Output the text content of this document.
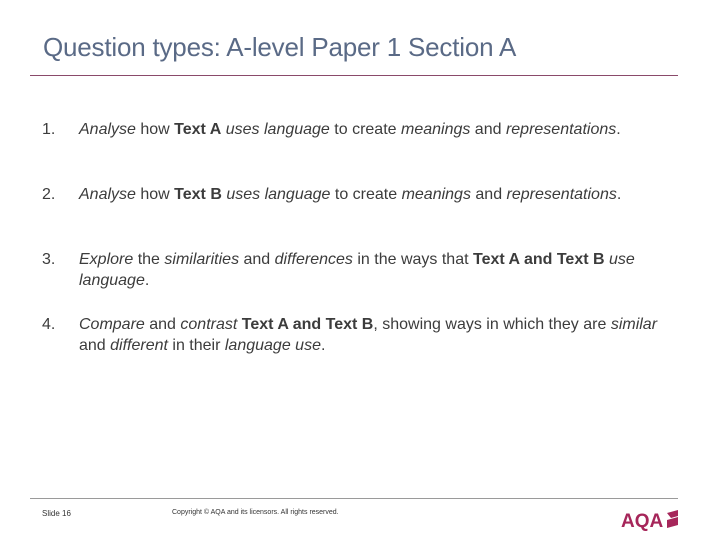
Question types: A-level Paper 1 Section A
1. Analyse how Text A uses language to create meanings and representations.
2. Analyse how Text B uses language to create meanings and representations.
3. Explore the similarities and differences in the ways that Text A and Text B use language.
4. Compare and contrast Text A and Text B, showing ways in which they are similar and different in their language use.
Slide 16	Copyright © AQA and its licensors. All rights reserved.	AQA
